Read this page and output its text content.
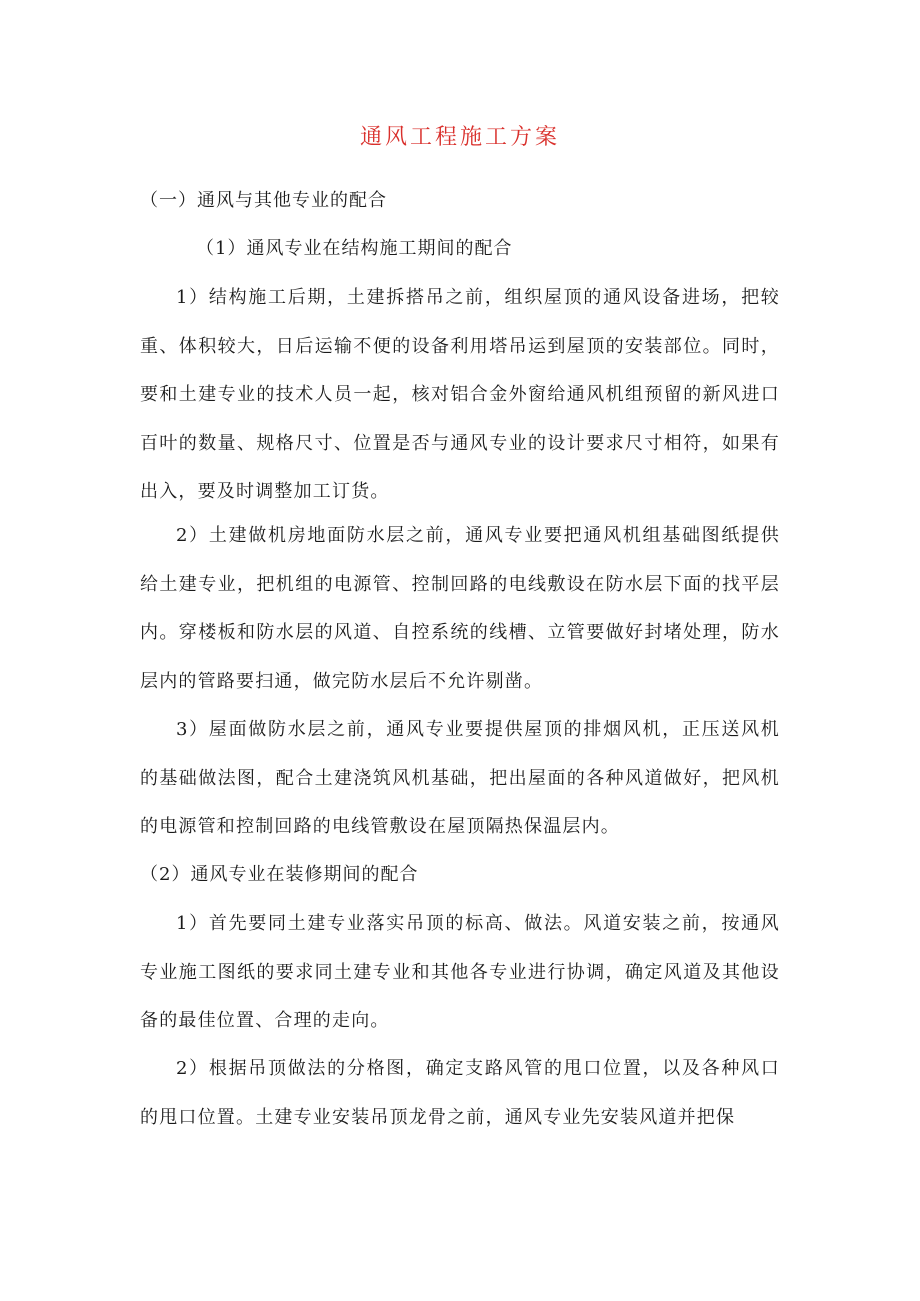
通风工程施工方案
（一）通风与其他专业的配合
（1）通风专业在结构施工期间的配合
1）结构施工后期，土建拆搭吊之前，组织屋顶的通风设备进场，把较重、体积较大，日后运输不便的设备利用塔吊运到屋顶的安装部位。同时，要和土建专业的技术人员一起，核对铝合金外窗给通风机组预留的新风进口百叶的数量、规格尺寸、位置是否与通风专业的设计要求尺寸相符，如果有出入，要及时调整加工订货。
2）土建做机房地面防水层之前，通风专业要把通风机组基础图纸提供给土建专业，把机组的电源管、控制回路的电线敷设在防水层下面的找平层内。穿楼板和防水层的风道、自控系统的线槽、立管要做好封堵处理，防水层内的管路要扫通，做完防水层后不允许剔凿。
3）屋面做防水层之前，通风专业要提供屋顶的排烟风机，正压送风机的基础做法图，配合土建浇筑风机基础，把出屋面的各种风道做好，把风机的电源管和控制回路的电线管敷设在屋顶隔热保温层内。
（2）通风专业在装修期间的配合
1）首先要同土建专业落实吊顶的标高、做法。风道安装之前，按通风专业施工图纸的要求同土建专业和其他各专业进行协调，确定风道及其他设备的最佳位置、合理的走向。
2）根据吊顶做法的分格图，确定支路风管的甩口位置，以及各种风口的甩口位置。土建专业安装吊顶龙骨之前，通风专业先安装风道并把保
